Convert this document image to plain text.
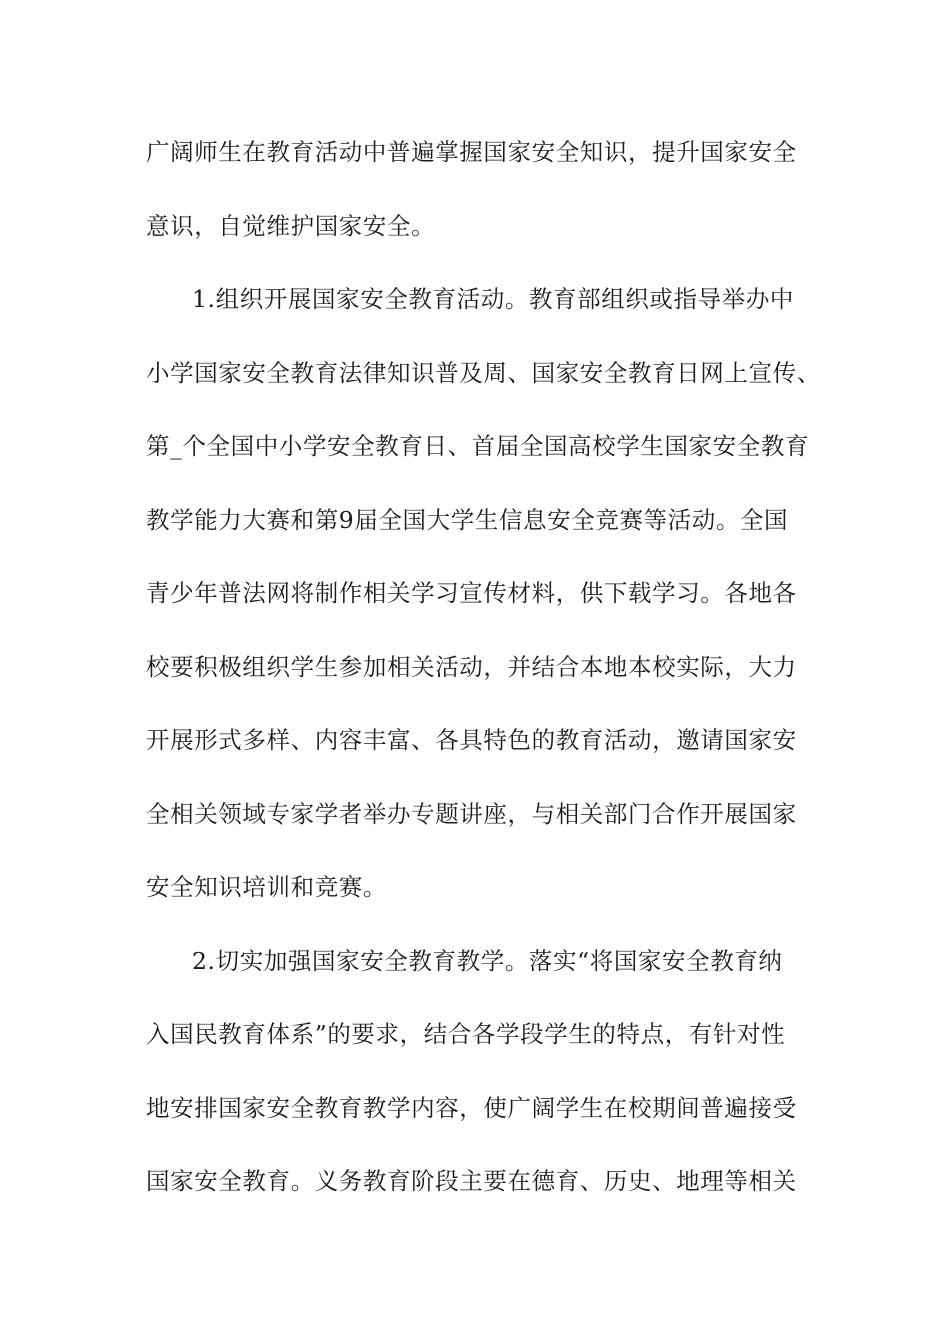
广阔师生在教育活动中普遍掌握国家安全知识，提升国家安全
意识，自觉维护国家安全。
1.组织开展国家安全教育活动。教育部组织或指导举办中
小学国家安全教育法律知识普及周、国家安全教育日网上宣传、
第_个全国中小学安全教育日、首届全国高校学生国家安全教育
教学能力大赛和第9届全国大学生信息安全竞赛等活动。全国
青少年普法网将制作相关学习宣传材料，供下载学习。各地各
校要积极组织学生参加相关活动，并结合本地本校实际，大力
开展形式多样、内容丰富、各具特色的教育活动，邀请国家安
全相关领域专家学者举办专题讲座，与相关部门合作开展国家
安全知识培训和竞赛。
2.切实加强国家安全教育教学。落实“将国家安全教育纳
入国民教育体系”的要求，结合各学段学生的特点，有针对性
地安排国家安全教育教学内容，使广阔学生在校期间普遍接受
国家安全教育。义务教育阶段主要在德育、历史、地理等相关
